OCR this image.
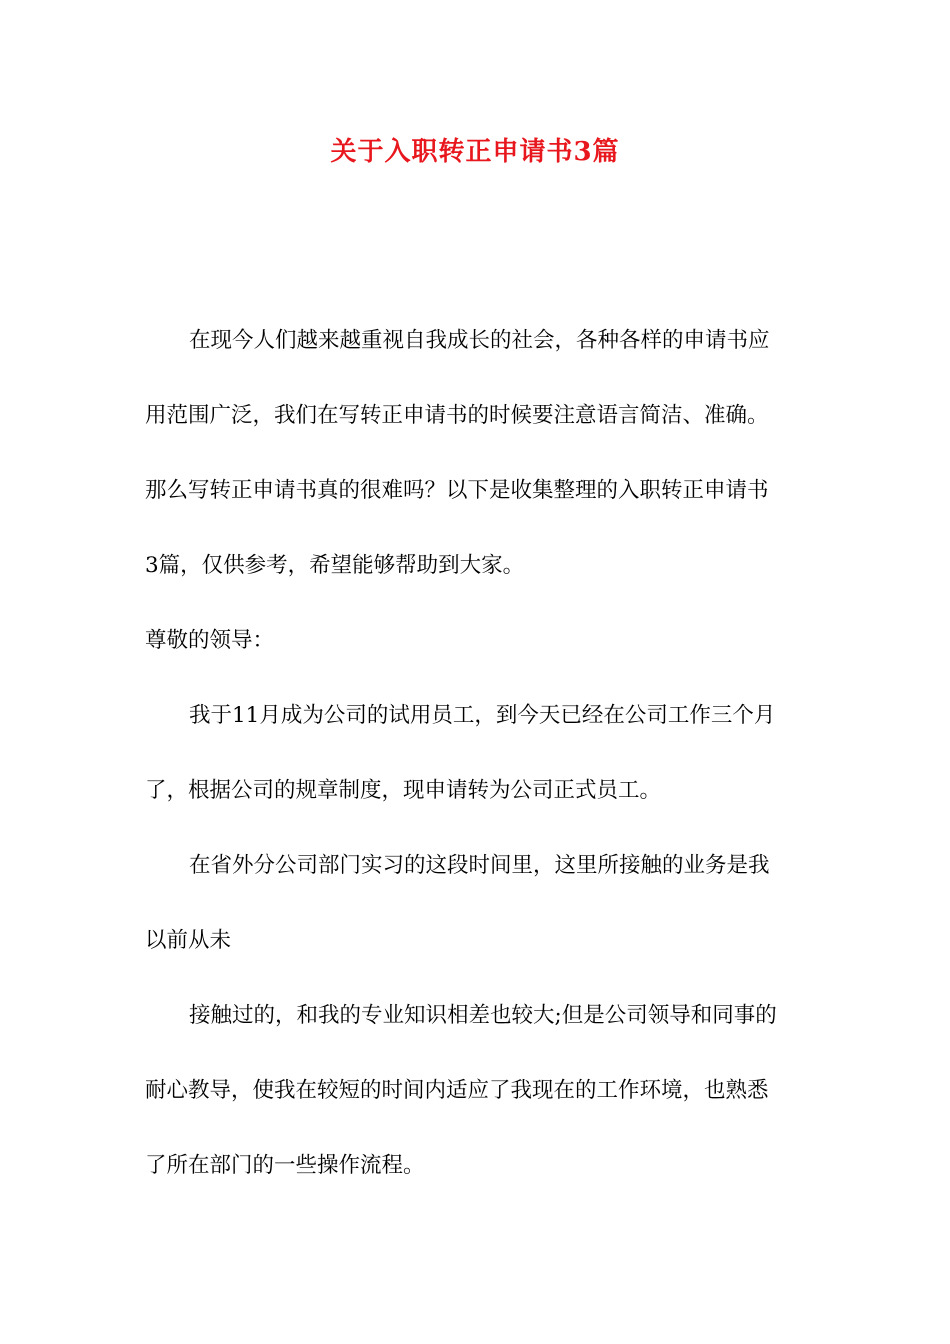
关于入职转正申请书3篇
在现今人们越来越重视自我成长的社会，各种各样的申请书应
用范围广泛，我们在写转正申请书的时候要注意语言简洁、准确。
那么写转正申请书真的很难吗？以下是收集整理的入职转正申请书
3篇，仅供参考，希望能够帮助到大家。
尊敬的领导：
我于11月成为公司的试用员工，到今天已经在公司工作三个月
了，根据公司的规章制度，现申请转为公司正式员工。
在省外分公司部门实习的这段时间里，这里所接触的业务是我
以前从未
接触过的，和我的专业知识相差也较大;但是公司领导和同事的
耐心教导，使我在较短的时间内适应了我现在的工作环境，也熟悉
了所在部门的一些操作流程。
